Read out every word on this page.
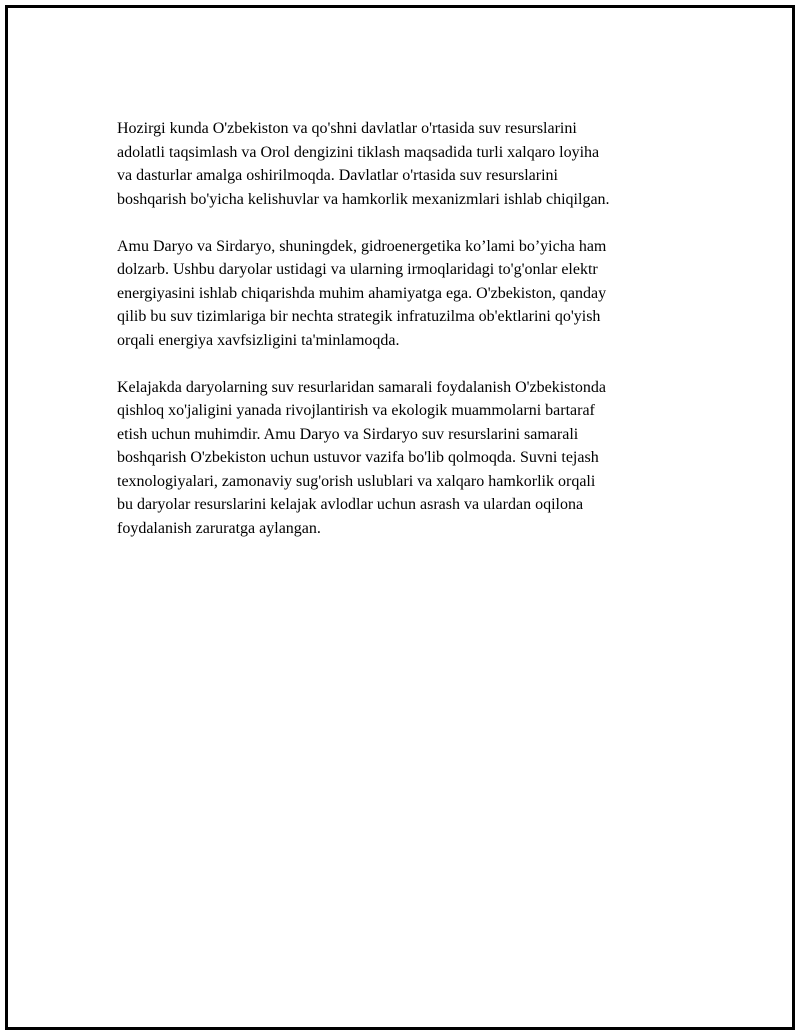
Hozirgi kunda O'zbekiston va qo'shni davlatlar o'rtasida suv resurslarini
adolatli taqsimlash va Orol dengizini tiklash maqsadida turli xalqaro loyiha
va dasturlar amalga oshirilmoqda. Davlatlar o'rtasida suv resurslarini
boshqarish bo'yicha kelishuvlar va hamkorlik mexanizmlari ishlab chiqilgan.

Amu Daryo va Sirdaryo, shuningdek, gidroenergetika ko’lami bo’yicha ham
dolzarb. Ushbu daryolar ustidagi va ularning irmoqlaridagi to'g'onlar elektr
energiyasini ishlab chiqarishda muhim ahamiyatga ega. O'zbekiston, qanday
qilib bu suv tizimlariga bir nechta strategik infratuzilma ob'ektlarini qo'yish
orqali energiya xavfsizligini ta'minlamoqda.

Kelajakda daryolarning suv resurlaridan samarali foydalanish O'zbekistonda
qishloq xo'jaligini yanada rivojlantirish va ekologik muammolarni bartaraf
etish uchun muhimdir. Amu Daryo va Sirdaryo suv resurslarini samarali
boshqarish O'zbekiston uchun ustuvor vazifa bo'lib qolmoqda. Suvni tejash
texnologiyalari, zamonaviy sug'orish uslublari va xalqaro hamkorlik orqali
bu daryolar resurslarini kelajak avlodlar uchun asrash va ulardan oqilona
foydalanish zaruratga aylangan.
